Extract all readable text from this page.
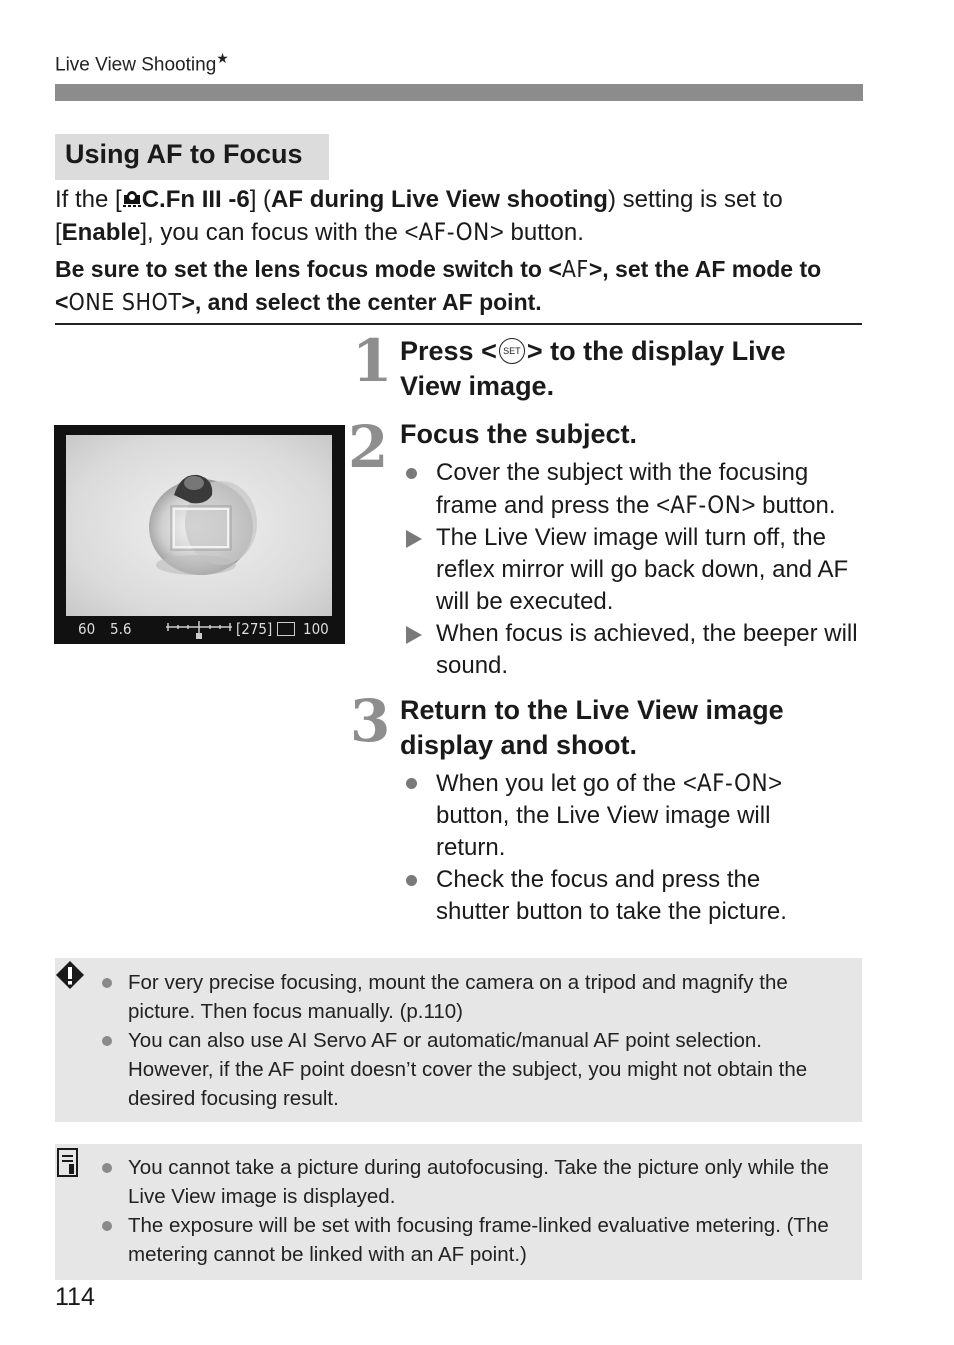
Live View Shooting★
Using AF to Focus
If the [ C.Fn III -6] (AF during Live View shooting) setting is set to [Enable], you can focus with the <AF-ON> button.
Be sure to set the lens focus mode switch to <AF>, set the AF mode to <ONE SHOT>, and select the center AF point.
1 Press < SET > to the display Live View image.
60 5.6	[275] 100
2 Focus the subject.
Cover the subject with the focusing frame and press the <AF-ON> button.
The Live View image will turn off, the reflex mirror will go back down, and AF will be executed.
When focus is achieved, the beeper will sound.
3 Return to the Live View image display and shoot.
When you let go of the <AF-ON> button, the Live View image will return.
Check the focus and press the shutter button to take the picture.
For very precise focusing, mount the camera on a tripod and magnify the picture. Then focus manually. (p.110)
You can also use AI Servo AF or automatic/manual AF point selection. However, if the AF point doesn’t cover the subject, you might not obtain the desired focusing result.
You cannot take a picture during autofocusing. Take the picture only while the Live View image is displayed.
The exposure will be set with focusing frame-linked evaluative metering. (The metering cannot be linked with an AF point.)
114
